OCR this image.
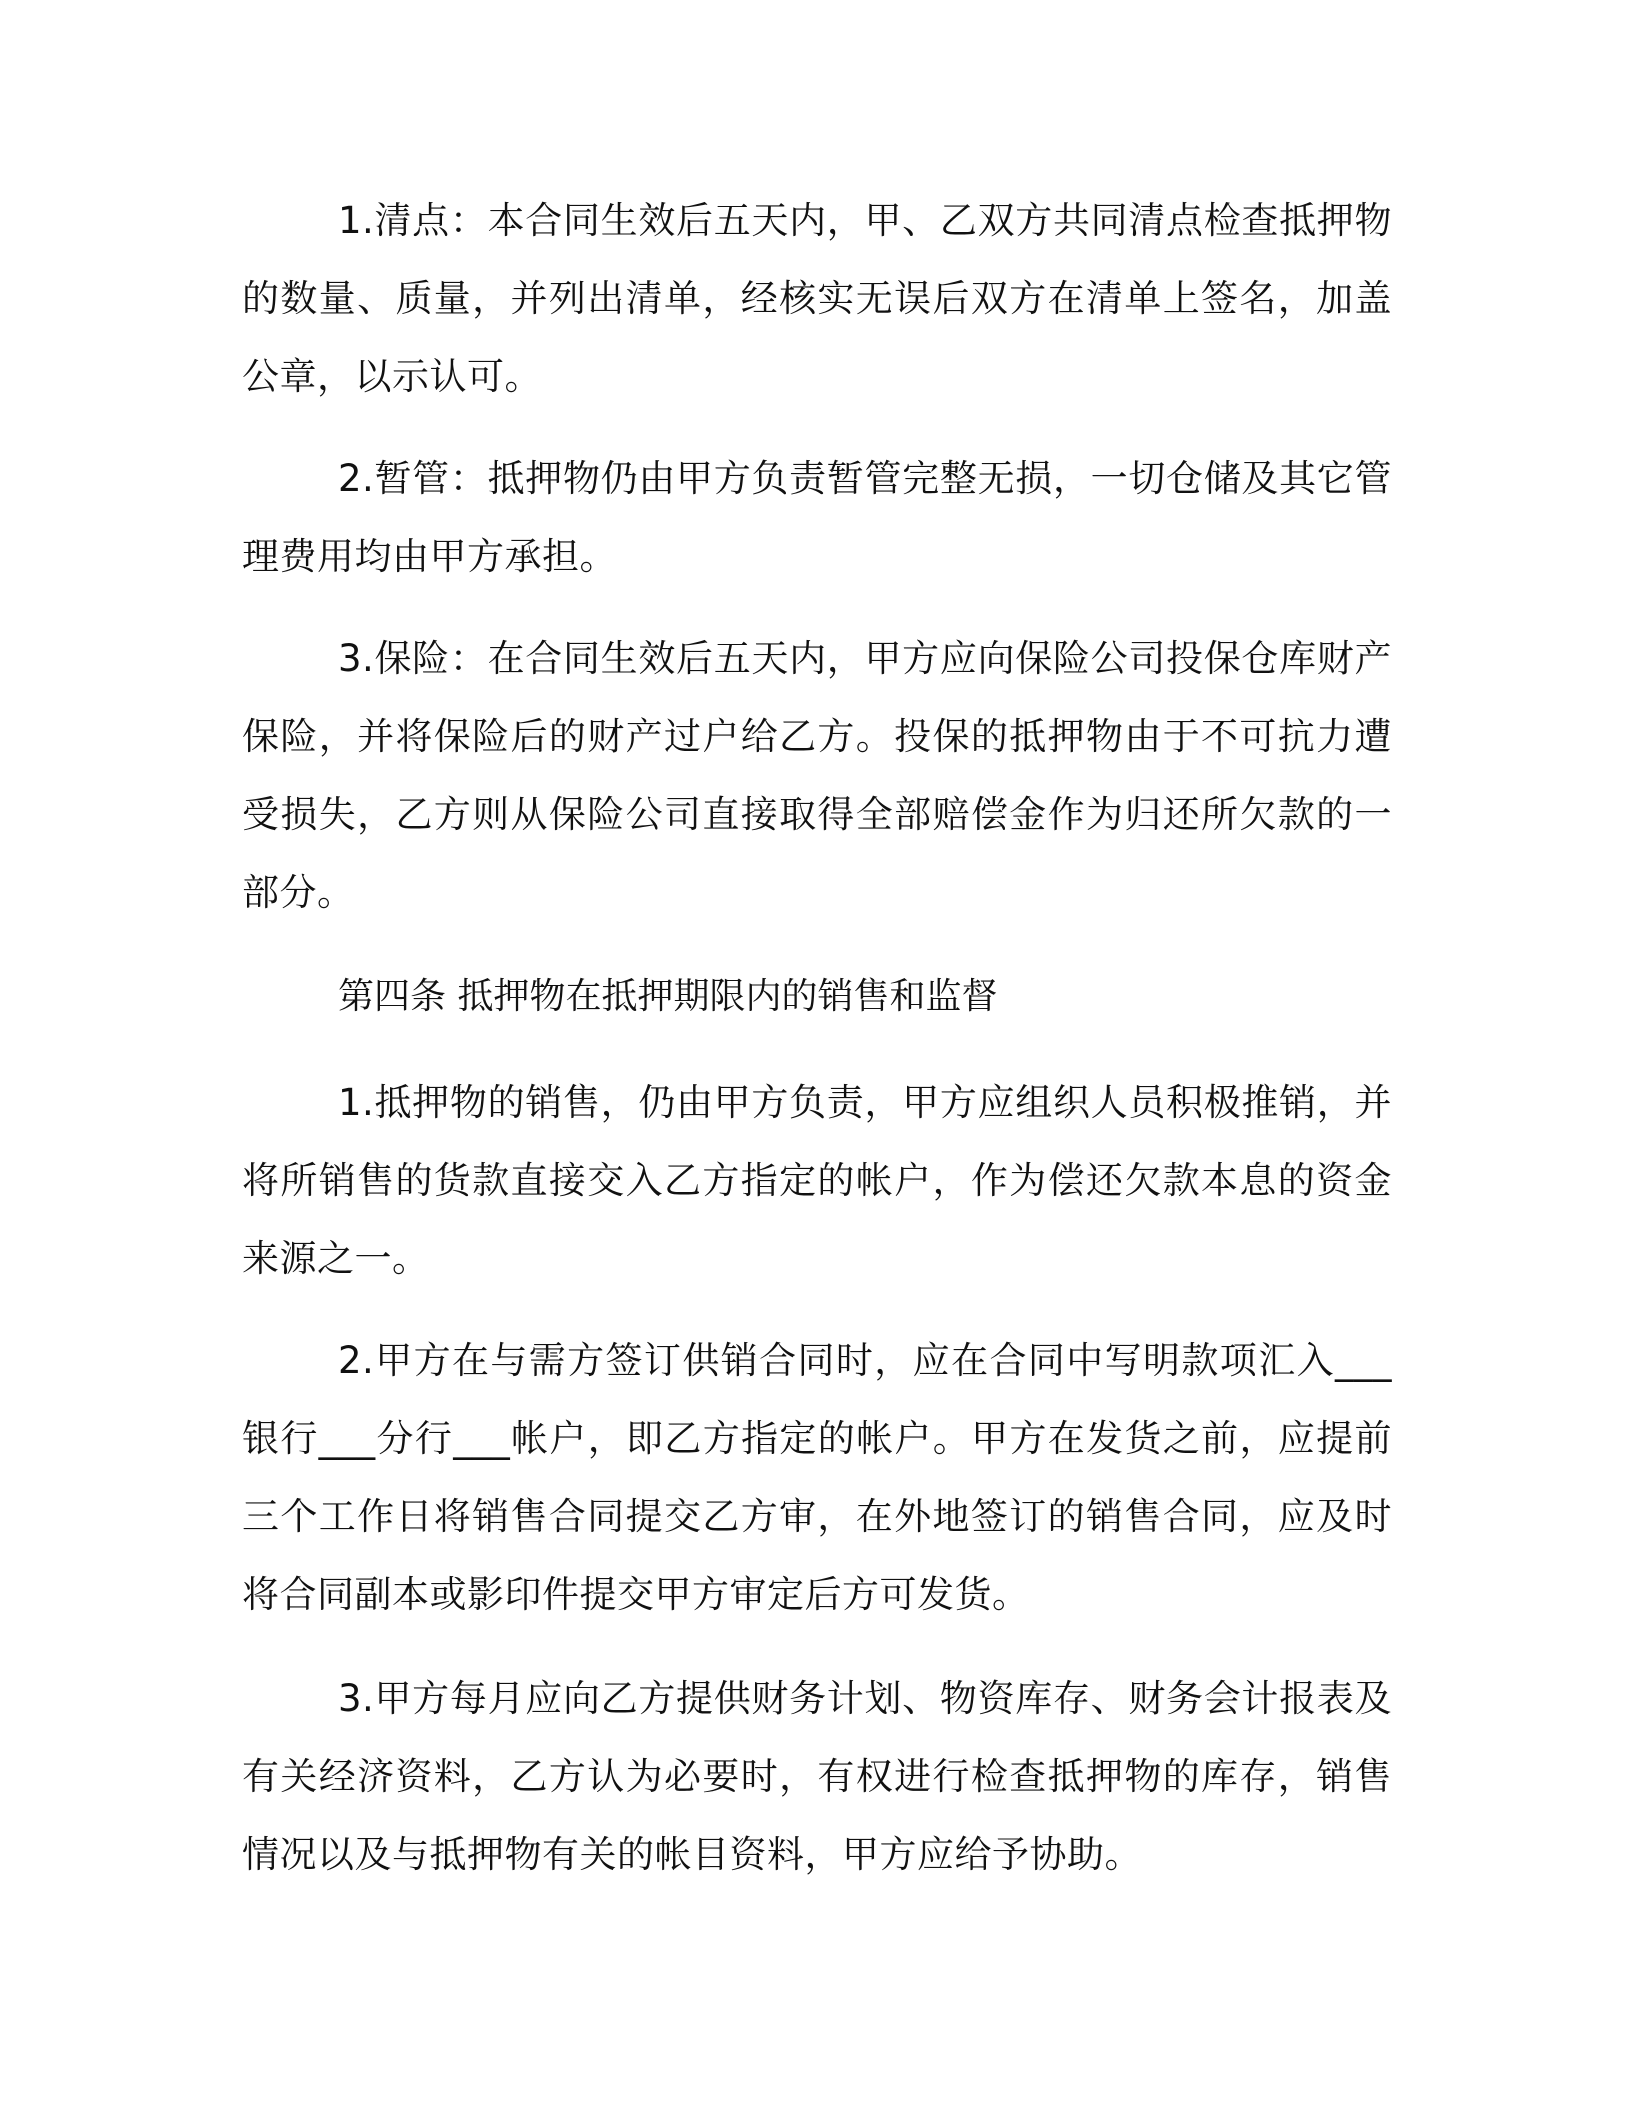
1.清点：本合同生效后五天内，甲、乙双方共同清点检查抵押物的数量、质量，并列出清单，经核实无误后双方在清单上签名，加盖公章，以示认可。

2.暂管：抵押物仍由甲方负责暂管完整无损，一切仓储及其它管理费用均由甲方承担。

3.保险：在合同生效后五天内，甲方应向保险公司投保仓库财产保险，并将保险后的财产过户给乙方。投保的抵押物由于不可抗力遭受损失，乙方则从保险公司直接取得全部赔偿金作为归还所欠款的一部分。

第四条 抵押物在抵押期限内的销售和监督

1.抵押物的销售，仍由甲方负责，甲方应组织人员积极推销，并将所销售的货款直接交入乙方指定的帐户，作为偿还欠款本息的资金来源之一。

2.甲方在与需方签订供销合同时，应在合同中写明款项汇入___银行___分行___帐户，即乙方指定的帐户。甲方在发货之前，应提前三个工作日将销售合同提交乙方审，在外地签订的销售合同，应及时将合同副本或影印件提交甲方审定后方可发货。

3.甲方每月应向乙方提供财务计划、物资库存、财务会计报表及有关经济资料，乙方认为必要时，有权进行检查抵押物的库存，销售情况以及与抵押物有关的帐目资料，甲方应给予协助。
